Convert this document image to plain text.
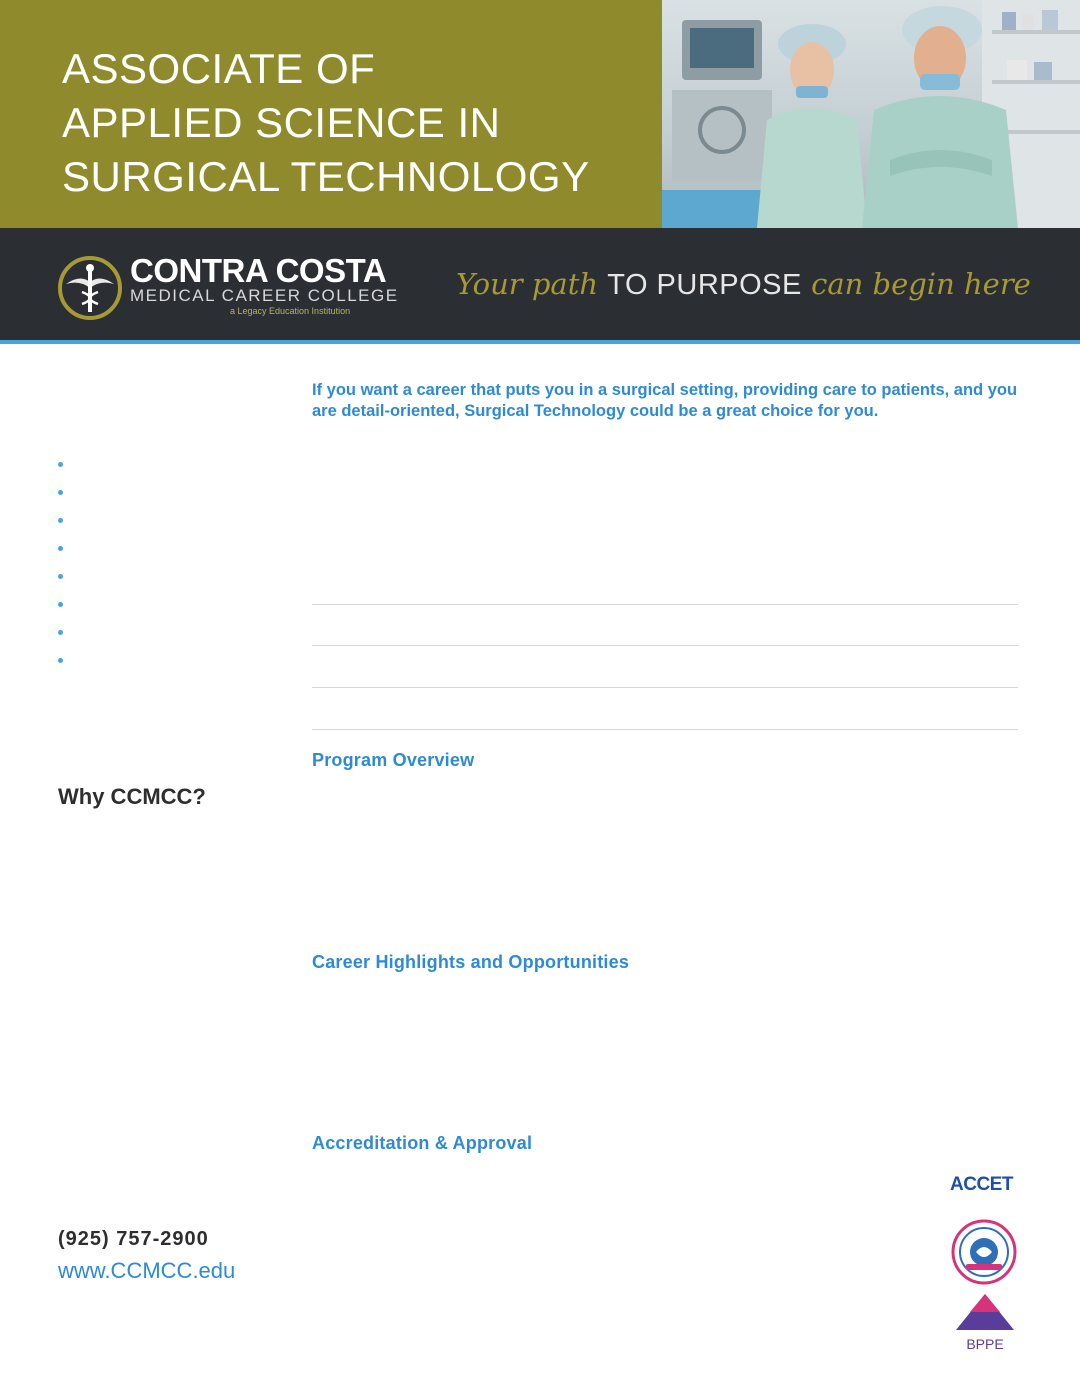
ASSOCIATE OF
APPLIED SCIENCE IN
SURGICAL TECHNOLOGY
CONTRA COSTA
MEDICAL CAREER COLLEGE
a Legacy Education Institution
Your path TO PURPOSE can begin here
Why CCMCC?
(925) 757-2900
www.CCMCC.edu

If you want a career that puts you in a surgical setting, providing care to patients, and you are detail-oriented, Surgical Technology could be a great choice for you.

Program Overview

Career Highlights and Opportunities

Accreditation & Approval

ACCET
BPPE
